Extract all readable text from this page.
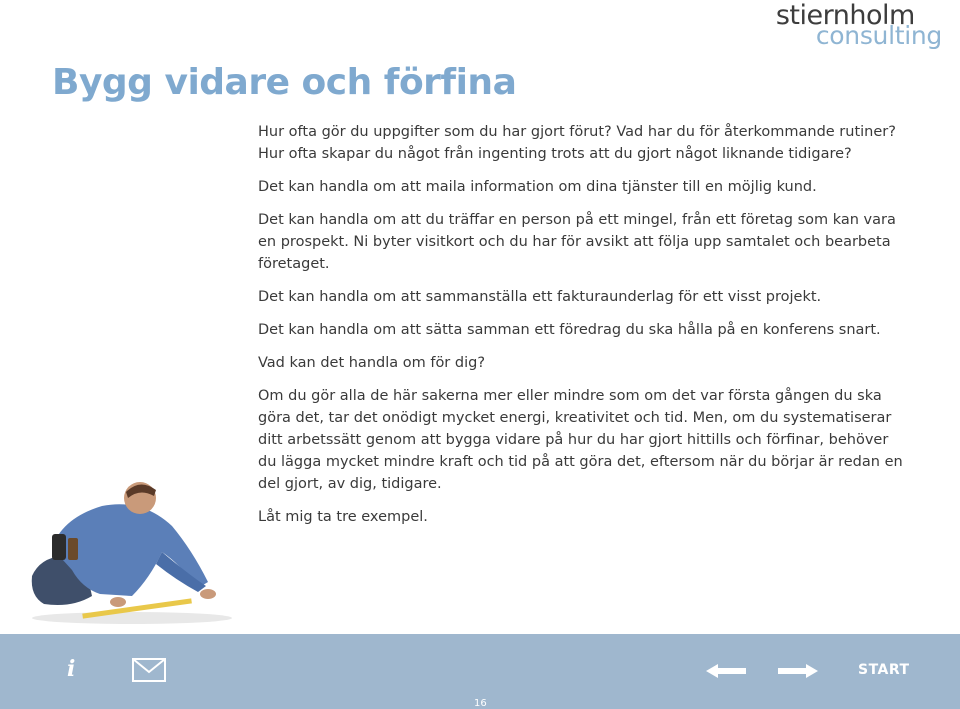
stiernholm
consulting
Bygg vidare och förfina

Hur ofta gör du uppgifter som du har gjort förut? Vad har du för återkommande rutiner? Hur ofta skapar du något från ingenting trots att du gjort något liknande tidigare?

Det kan handla om att maila information om dina tjänster till en möjlig kund.

Det kan handla om att du träffar en person på ett mingel, från ett företag som kan vara en prospekt. Ni byter visitkort och du har för avsikt att följa upp samtalet och bearbeta företaget.

Det kan handla om att sammanställa ett fakturaunderlag för ett visst projekt.

Det kan handla om att sätta samman ett föredrag du ska hålla på en konferens snart.

Vad kan det handla om för dig?

Om du gör alla de här sakerna mer eller mindre som om det var första gången du ska göra det, tar det onödigt mycket energi, kreativitet och tid. Men, om du systematiserar ditt arbetssätt genom att bygga vidare på hur du har gjort hittills och förfinar, behöver du lägga mycket mindre kraft och tid på att göra det, eftersom när du börjar är redan en del gjort, av dig, tidigare.

Låt mig ta tre exempel.

i	START
16
